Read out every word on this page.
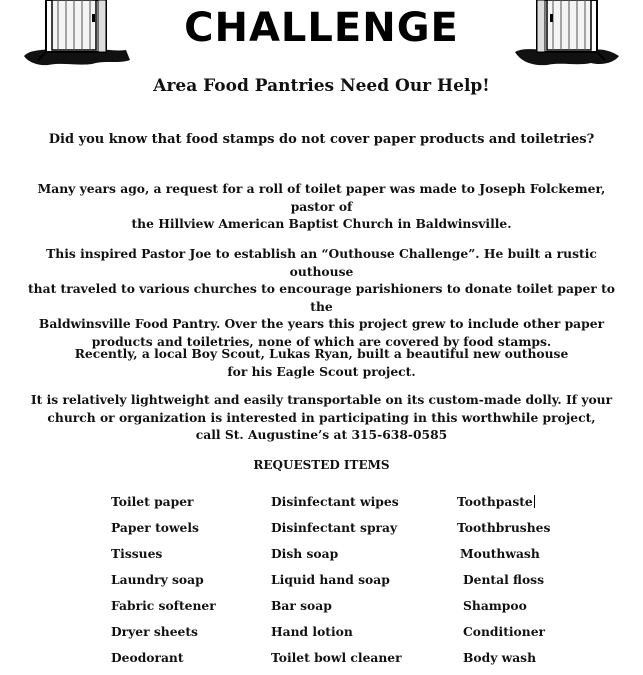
CHALLENGE
Area Food Pantries Need Our Help!
Did you know that food stamps do not cover paper products and toiletries?

Many years ago, a request for a roll of toilet paper was made to Joseph Folckemer, pastor of

the Hillview American Baptist Church in Baldwinsville.

This inspired Pastor Joe to establish an “Outhouse Challenge”. He built a rustic outhouse

that traveled to various churches to encourage parishioners to donate toilet paper to the

Baldwinsville Food Pantry. Over the years this project grew to include other paper

products and toiletries, none of which are covered by food stamps.

Recently, a local Boy Scout, Lukas Ryan, built a beautiful new outhouse

for his Eagle Scout project.

It is relatively lightweight and easily transportable on its custom-made dolly. If your

church or organization is interested in participating in this worthwhile project,

call St. Augustine’s at 315-638-0585

REQUESTED ITEMS
Toilet paper
Paper towels
Tissues
Laundry soap
Fabric softener
Dryer sheets
Deodorant
Disinfectant wipes
Disinfectant spray
Dish soap
Liquid hand soap
Bar soap
Hand lotion
Toilet bowl cleaner
Toothpaste
Toothbrushes
Mouthwash
Dental floss
Shampoo
Conditioner
Body wash
